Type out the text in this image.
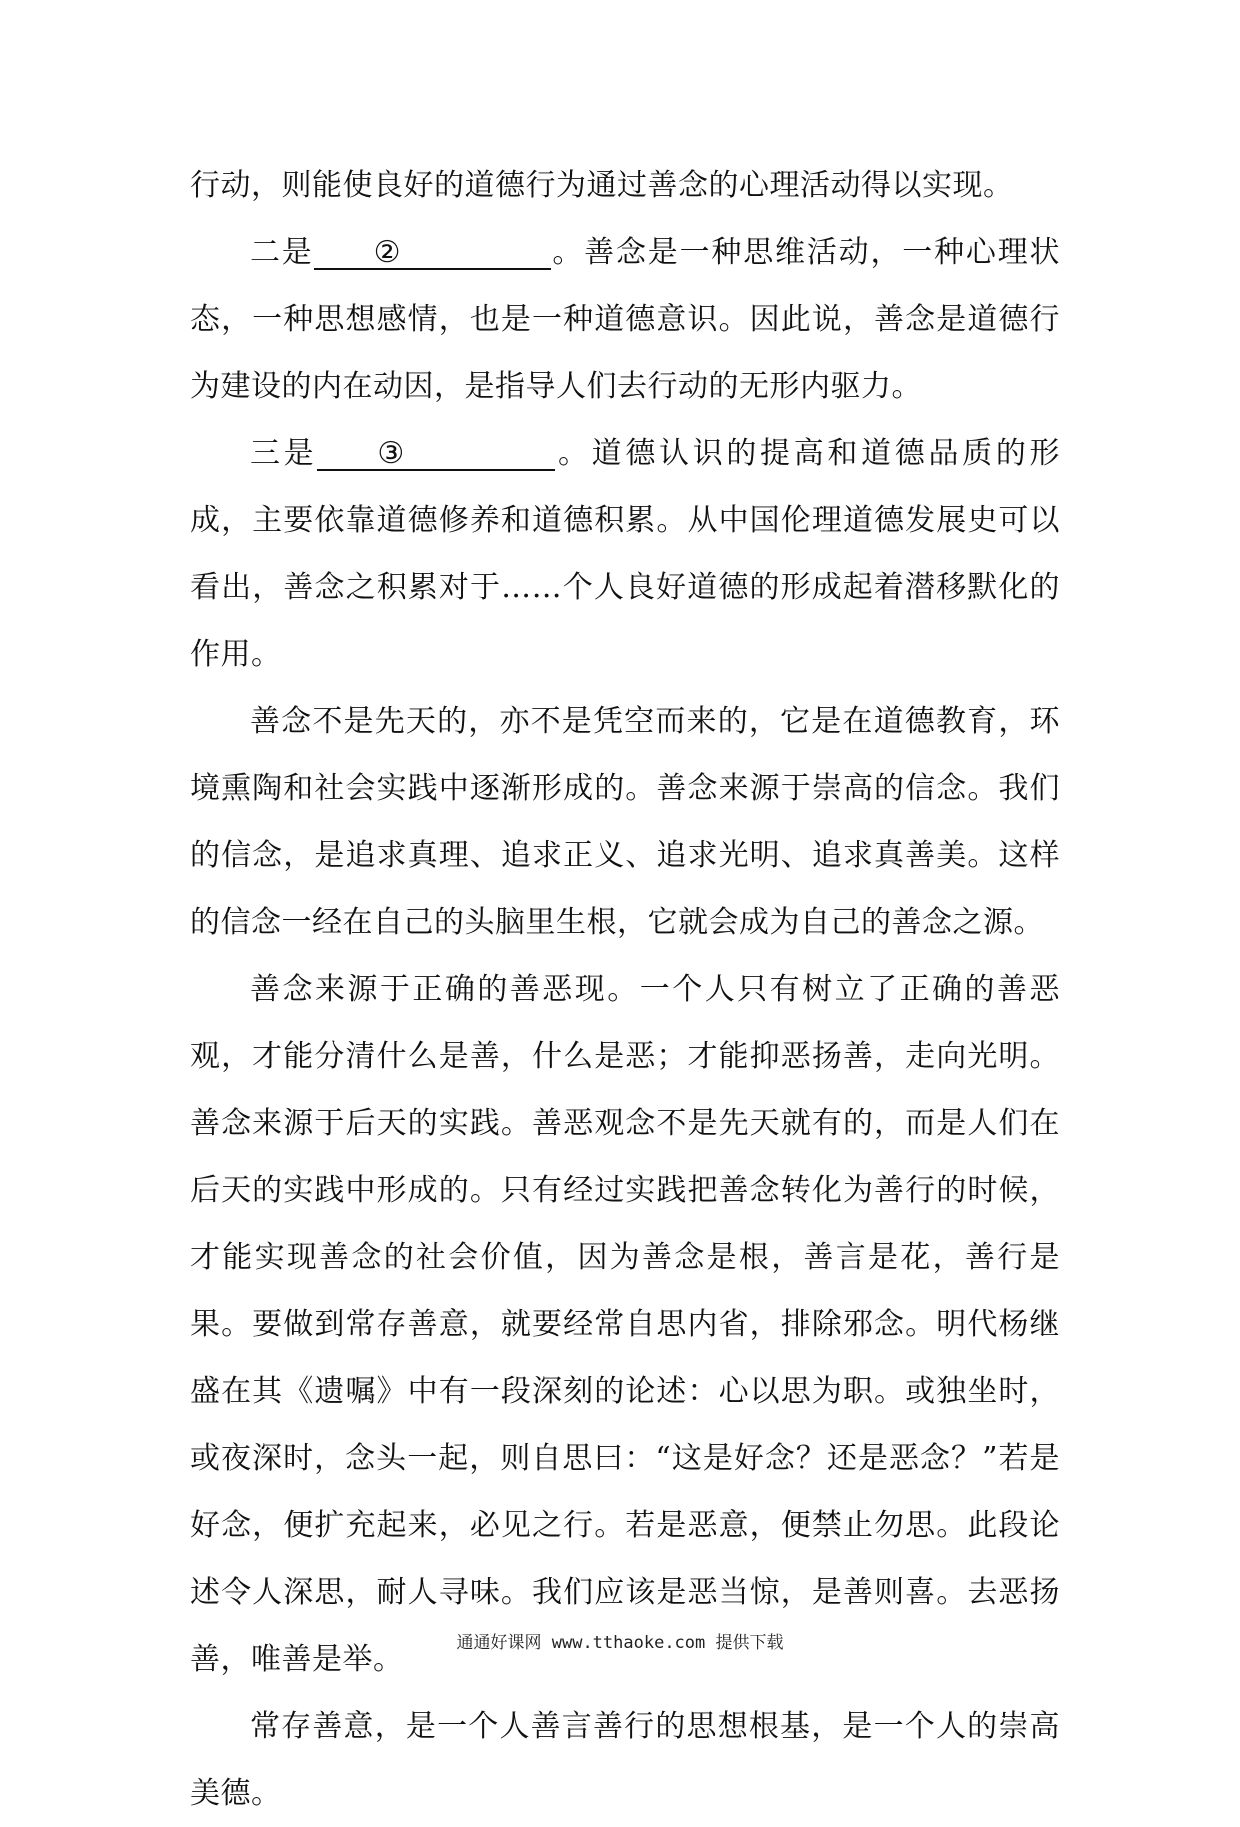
行动，则能使良好的道德行为通过善念的心理活动得以实现。

二是 ②	。善念是一种思维活动，一种心理状态，一种思想感情，也是一种道德意识。因此说，善念是道德行为建设的内在动因，是指导人们去行动的无形内驱力。

三是 ③	。道德认识的提高和道德品质的形成，主要依靠道德修养和道德积累。从中国伦理道德发展史可以看出，善念之积累对于……个人良好道德的形成起着潜移默化的作用。

善念不是先天的，亦不是凭空而来的，它是在道德教育，环境熏陶和社会实践中逐渐形成的。善念来源于崇高的信念。我们的信念，是追求真理、追求正义、追求光明、追求真善美。这样的信念一经在自己的头脑里生根，它就会成为自己的善念之源。

善念来源于正确的善恶现。一个人只有树立了正确的善恶观，才能分清什么是善，什么是恶；才能抑恶扬善，走向光明。善念来源于后天的实践。善恶观念不是先天就有的，而是人们在后天的实践中形成的。只有经过实践把善念转化为善行的时候，才能实现善念的社会价值，因为善念是根，善言是花，善行是果。要做到常存善意，就要经常自思内省，排除邪念。明代杨继盛在其《遗嘱》中有一段深刻的论述：心以思为职。或独坐时，或夜深时，念头一起，则自思曰：“这是好念？还是恶念？”若是好念，便扩充起来，必见之行。若是恶意，便禁止勿思。此段论述令人深思，耐人寻味。我们应该是恶当惊，是善则喜。去恶扬善，唯善是举。

常存善意，是一个人善言善行的思想根基，是一个人的崇高美德。

通通好课网 www.tthaoke.com 提供下载
